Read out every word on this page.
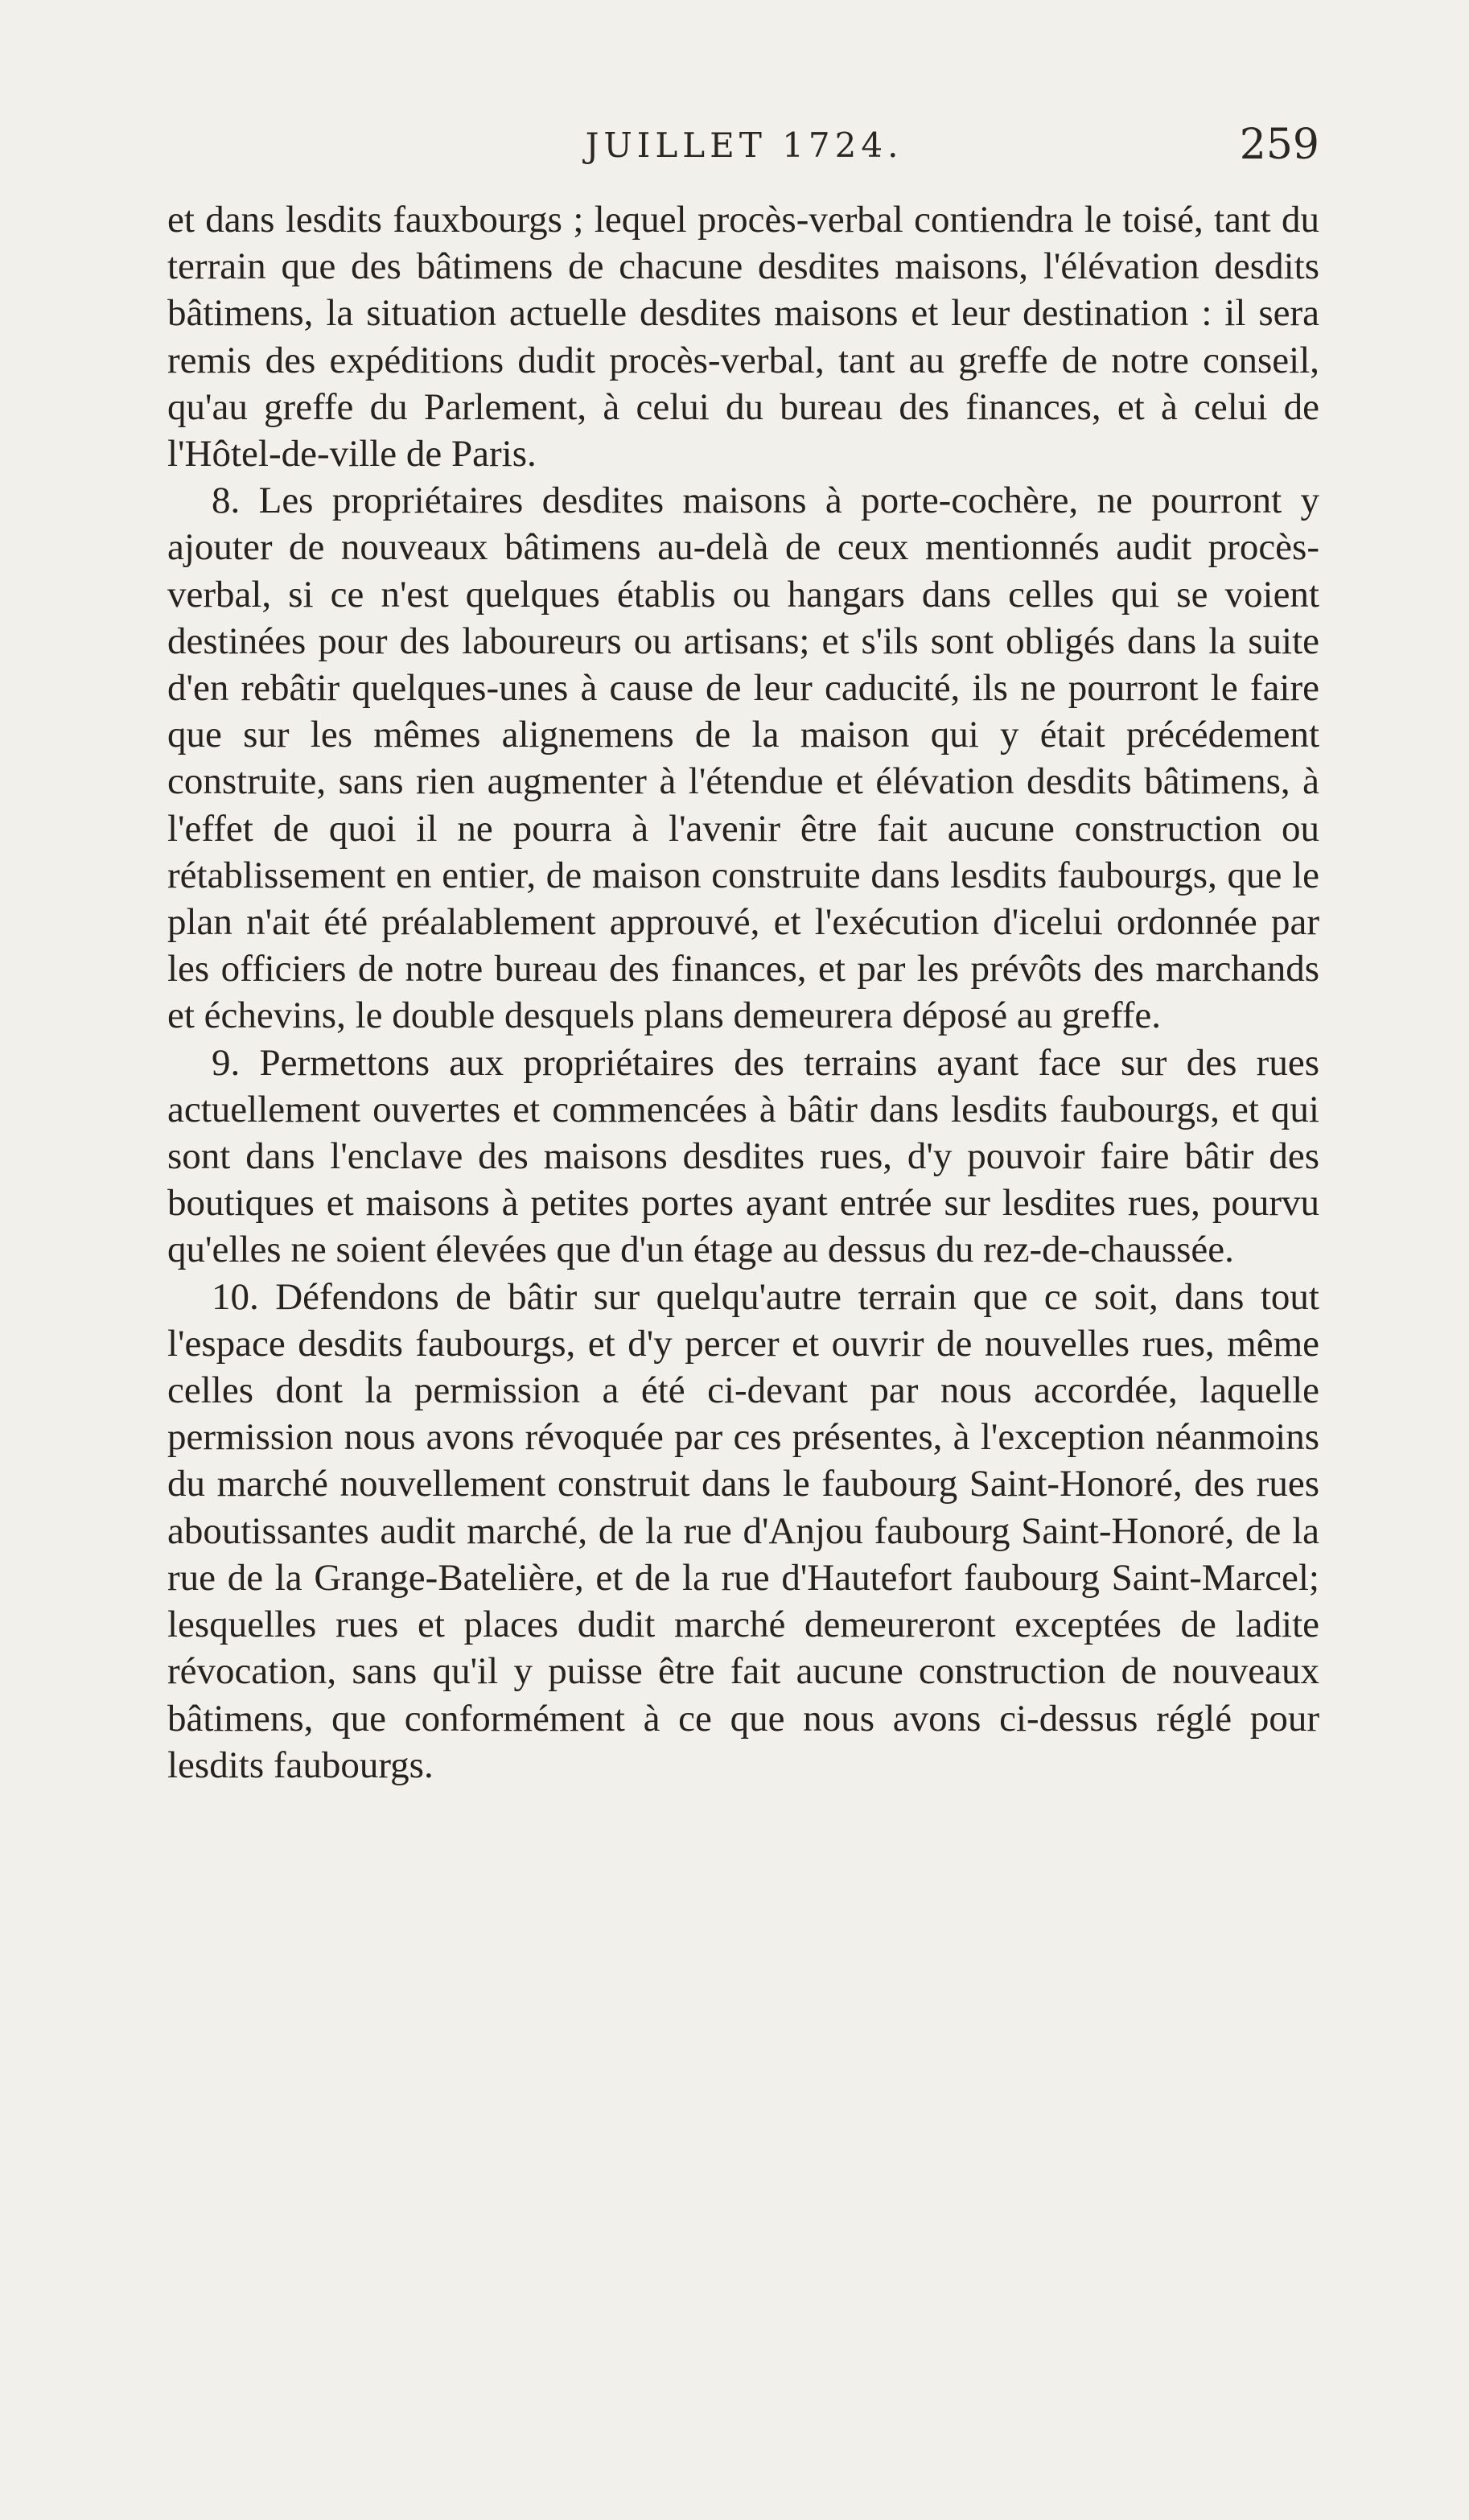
JUILLET 1724.	259

et dans lesdits fauxbourgs ; lequel procès-verbal contiendra le toisé, tant du terrain que des bâtimens de chacune desdites maisons, l'élévation desdits bâtimens, la situation actuelle desdites maisons et leur destination : il sera remis des expéditions dudit procès-verbal, tant au greffe de notre conseil, qu'au greffe du Parlement, à celui du bureau des finances, et à celui de l'Hôtel-de-ville de Paris.

8. Les propriétaires desdites maisons à porte-cochère, ne pourront y ajouter de nouveaux bâtimens au-delà de ceux mentionnés audit procès-verbal, si ce n'est quelques établis ou hangars dans celles qui se voient destinées pour des laboureurs ou artisans; et s'ils sont obligés dans la suite d'en rebâtir quelques-unes à cause de leur caducité, ils ne pourront le faire que sur les mêmes alignemens de la maison qui y était précédement construite, sans rien augmenter à l'étendue et élévation desdits bâtimens, à l'effet de quoi il ne pourra à l'avenir être fait aucune construction ou rétablissement en entier, de maison construite dans lesdits faubourgs, que le plan n'ait été préalablement approuvé, et l'exécution d'icelui ordonnée par les officiers de notre bureau des finances, et par les prévôts des marchands et échevins, le double desquels plans demeurera déposé au greffe.

9. Permettons aux propriétaires des terrains ayant face sur des rues actuellement ouvertes et commencées à bâtir dans lesdits faubourgs, et qui sont dans l'enclave des maisons desdites rues, d'y pouvoir faire bâtir des boutiques et maisons à petites portes ayant entrée sur lesdites rues, pourvu qu'elles ne soient élevées que d'un étage au dessus du rez-de-chaussée.

10. Défendons de bâtir sur quelqu'autre terrain que ce soit, dans tout l'espace desdits faubourgs, et d'y percer et ouvrir de nouvelles rues, même celles dont la permission a été ci-devant par nous accordée, laquelle permission nous avons révoquée par ces présentes, à l'exception néanmoins du marché nouvellement construit dans le faubourg Saint-Honoré, des rues aboutissantes audit marché, de la rue d'Anjou faubourg Saint-Honoré, de la rue de la Grange-Batelière, et de la rue d'Hautefort faubourg Saint-Marcel; lesquelles rues et places dudit marché demeureront exceptées de ladite révocation, sans qu'il y puisse être fait aucune construction de nouveaux bâtimens, que conformément à ce que nous avons ci-dessus réglé pour lesdits faubourgs.
